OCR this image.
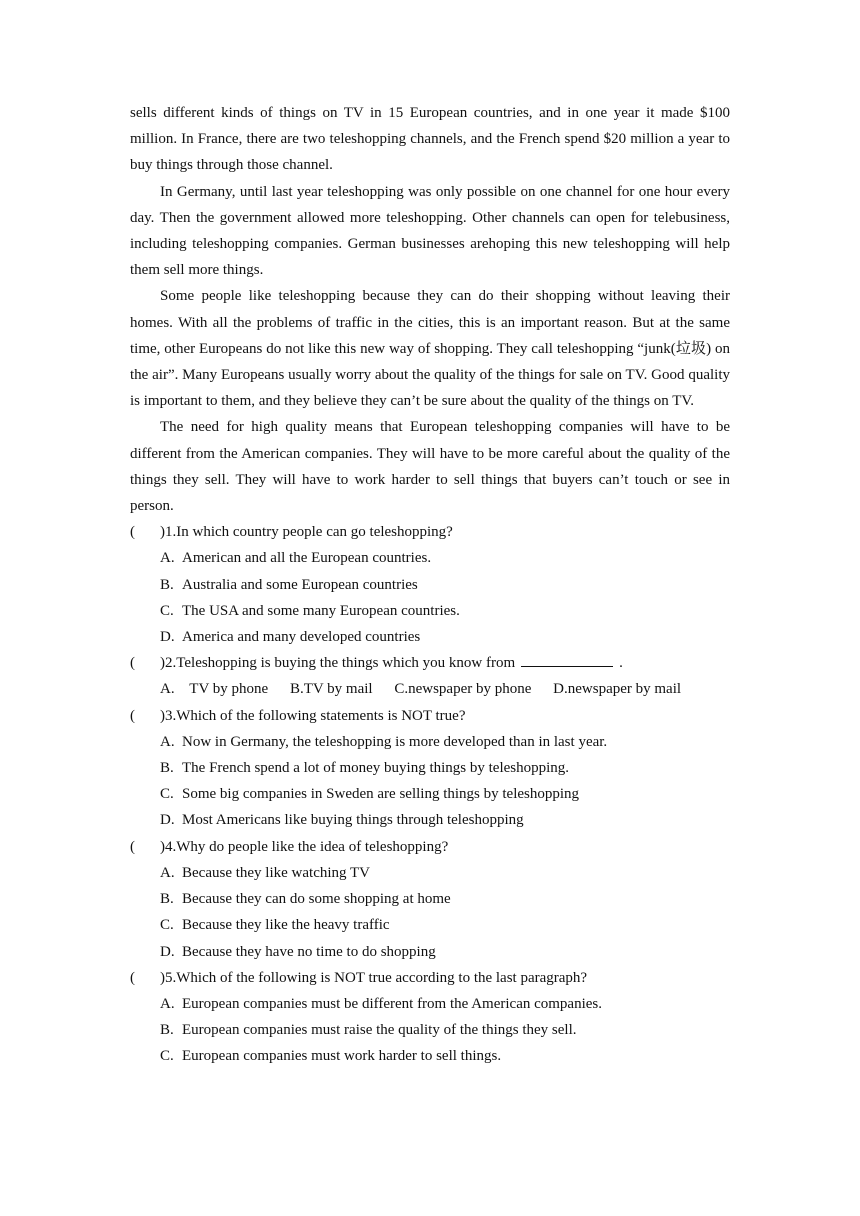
sells different kinds of things on TV in 15 European countries, and in one year it made $100 million. In France, there are two teleshopping channels, and the French spend $20 million a year to buy things through those channel.

In Germany, until last year teleshopping was only possible on one channel for one hour every day. Then the government allowed more teleshopping. Other channels can open for telebusiness, including teleshopping companies. German businesses arehoping this new teleshopping will help them sell more things.

Some people like teleshopping because they can do their shopping without leaving their homes. With all the problems of traffic in the cities, this is an important reason. But at the same time, other Europeans do not like this new way of shopping. They call teleshopping “junk(垃圾) on the air”. Many Europeans usually worry about the quality of the things for sale on TV. Good quality is important to them, and they believe they can’t be sure about the quality of the things on TV.

The need for high quality means that European teleshopping companies will have to be different from the American companies. They will have to be more careful about the quality of the things they sell. They will have to work harder to sell things that buyers can’t touch or see in person.

( )1.In which country people can go teleshopping?
A. American and all the European countries.
B. Australia and some European countries
C. The USA and some many European countries.
D. America and many developed countries
( )2.Teleshopping is buying the things which you know from	.
A.    TV by phone B.TV by mail C.newspaper by phone D.newspaper by mail
( )3.Which of the following statements is NOT true?
A. Now in Germany, the teleshopping is more developed than in last year.
B. The French spend a lot of money buying things by teleshopping.
C. Some big companies in Sweden are selling things by teleshopping
D. Most Americans like buying things through teleshopping
( )4.Why do people like the idea of teleshopping?
A. Because they like watching TV
B. Because they can do some shopping at home
C. Because they like the heavy traffic
D. Because they have no time to do shopping
( )5.Which of the following is NOT true according to the last paragraph?
A. European companies must be different from the American companies.
B. European companies must raise the quality of the things they sell.
C. European companies must work harder to sell things.
